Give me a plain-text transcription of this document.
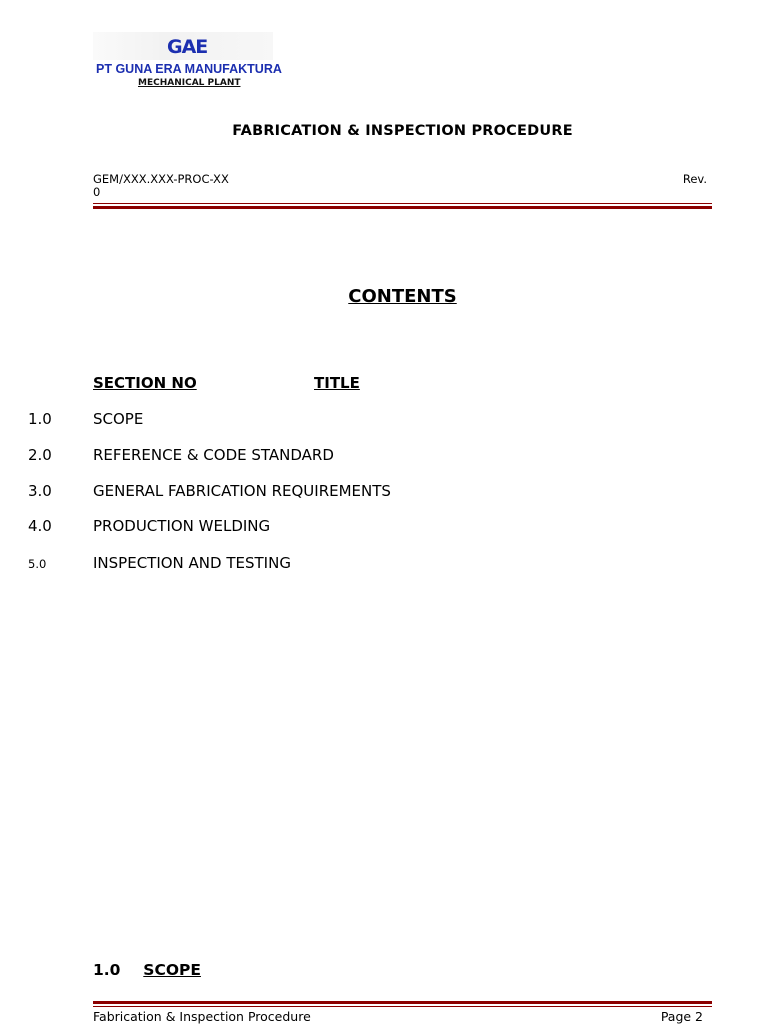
GAE
PT GUNA ERA MANUFAKTURA
MECHANICAL PLANT
FABRICATION & INSPECTION PROCEDURE
GEM/XXX.XXX-PROC-XX
0
Rev.
CONTENTS
SECTION NO	TITLE
1.0	SCOPE
2.0	REFERENCE & CODE STANDARD
3.0	GENERAL FABRICATION REQUIREMENTS
4.0	PRODUCTION WELDING
5.0	INSPECTION AND TESTING
1.0 SCOPE
Fabrication & Inspection Procedure	Page 2
